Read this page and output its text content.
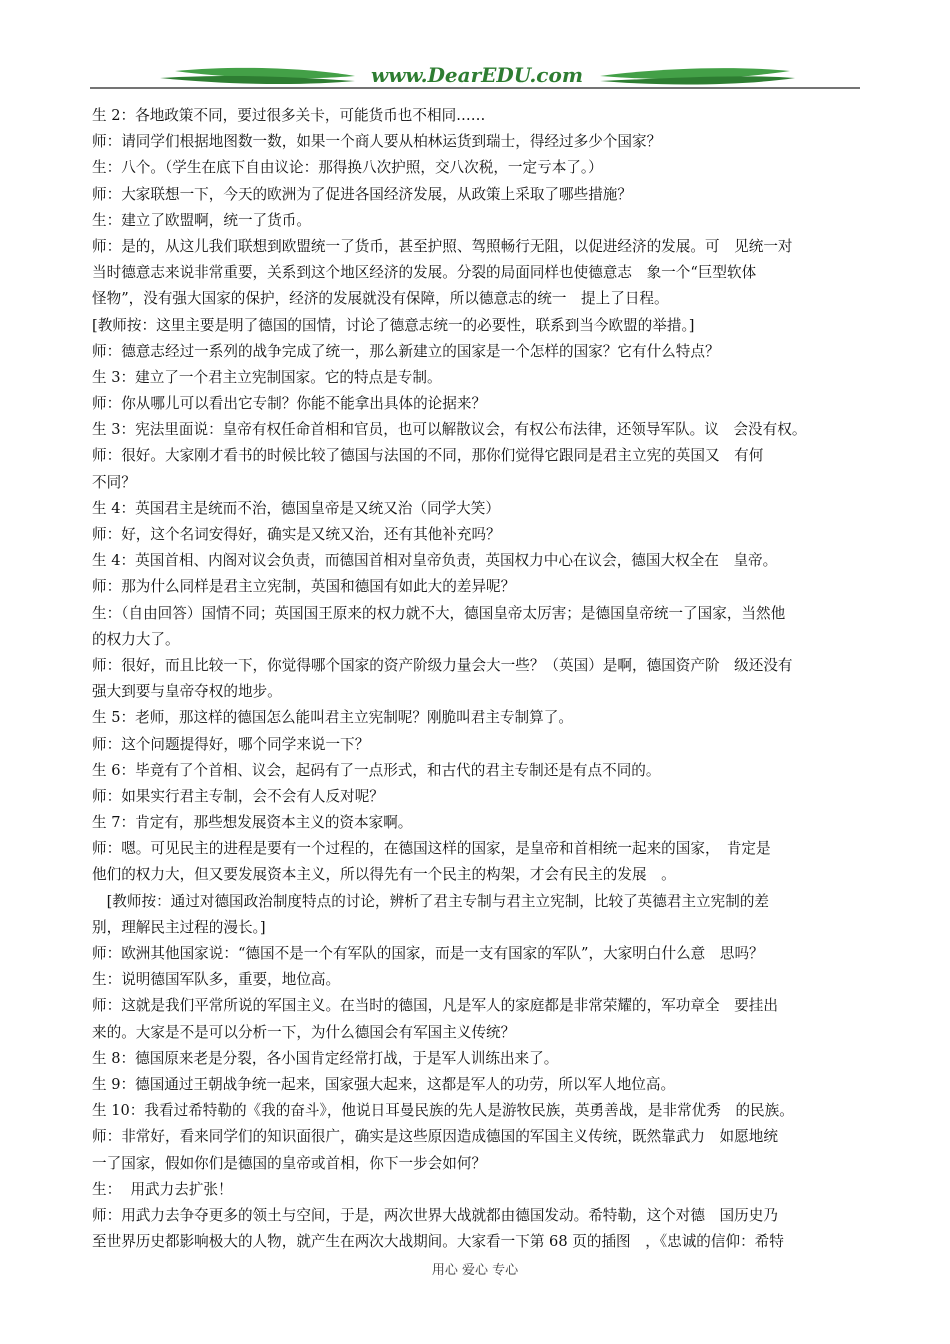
www.DearEDU.com
生 2：各地政策不同，要过很多关卡，可能货币也不相同……
师：请同学们根据地图数一数，如果一个商人要从柏林运货到瑞士，得经过多少个国家？
生：八个。（学生在底下自由议论：那得换八次护照，交八次税，一定亏本了。）
师：大家联想一下，今天的欧洲为了促进各国经济发展，从政策上采取了哪些措施？
生：建立了欧盟啊，统一了货币。
师：是的，从这儿我们联想到欧盟统一了货币，甚至护照、驾照畅行无阻，以促进经济的发展。可　见统一对
当时德意志来说非常重要，关系到这个地区经济的发展。分裂的局面同样也使德意志　象一个“巨型软体
怪物”，没有强大国家的保护，经济的发展就没有保障，所以德意志的统一　提上了日程。
[教师按：这里主要是明了德国的国情，讨论了德意志统一的必要性，联系到当今欧盟的举措。]
师：德意志经过一系列的战争完成了统一，那么新建立的国家是一个怎样的国家？它有什么特点？
生 3：建立了一个君主立宪制国家。它的特点是专制。
师：你从哪儿可以看出它专制？你能不能拿出具体的论据来？
生 3：宪法里面说：皇帝有权任命首相和官员，也可以解散议会，有权公布法律，还领导军队。议　会没有权。
师：很好。大家刚才看书的时候比较了德国与法国的不同，那你们觉得它跟同是君主立宪的英国又　有何
不同？
生 4：英国君主是统而不治，德国皇帝是又统又治（同学大笑）
师：好，这个名词安得好，确实是又统又治，还有其他补充吗？
生 4：英国首相、内阁对议会负责，而德国首相对皇帝负责，英国权力中心在议会，德国大权全在　皇帝。
师：那为什么同样是君主立宪制，英国和德国有如此大的差异呢？
生：（自由回答）国情不同；英国国王原来的权力就不大，德国皇帝太厉害；是德国皇帝统一了国家，当然他
的权力大了。
师：很好，而且比较一下，你觉得哪个国家的资产阶级力量会大一些？（英国）是啊，德国资产阶　级还没有
强大到要与皇帝夺权的地步。
生 5：老师，那这样的德国怎么能叫君主立宪制呢？刚脆叫君主专制算了。
师：这个问题提得好，哪个同学来说一下？
生 6：毕竟有了个首相、议会，起码有了一点形式，和古代的君主专制还是有点不同的。
师：如果实行君主专制，会不会有人反对呢？
生 7：肯定有，那些想发展资本主义的资本家啊。
师：嗯。可见民主的进程是要有一个过程的，在德国这样的国家，是皇帝和首相统一起来的国家，　肯定是
他们的权力大，但又要发展资本主义，所以得先有一个民主的构架，才会有民主的发展　。
　[教师按：通过对德国政治制度特点的讨论，辨析了君主专制与君主立宪制，比较了英德君主立宪制的差
别，理解民主过程的漫长。]
师：欧洲其他国家说：“德国不是一个有军队的国家，而是一支有国家的军队”，大家明白什么意　思吗？
生：说明德国军队多，重要，地位高。
师：这就是我们平常所说的军国主义。在当时的德国，凡是军人的家庭都是非常荣耀的，军功章全　要挂出
来的。大家是不是可以分析一下，为什么德国会有军国主义传统？
生 8：德国原来老是分裂，各小国肯定经常打战，于是军人训练出来了。
生 9：德国通过王朝战争统一起来，国家强大起来，这都是军人的功劳，所以军人地位高。
生 10：我看过希特勒的《我的奋斗》，他说日耳曼民族的先人是游牧民族，英勇善战，是非常优秀　的民族。
师：非常好，看来同学们的知识面很广，确实是这些原因造成德国的军国主义传统，既然靠武力　如愿地统
一了国家，假如你们是德国的皇帝或首相，你下一步会如何？
生：  用武力去扩张！
师：用武力去争夺更多的领土与空间，于是，两次世界大战就都由德国发动。希特勒，这个对德　国历史乃
至世界历史都影响极大的人物，就产生在两次大战期间。大家看一下第 68 页的插图　，《忠诚的信仰：希特
用心 爱心 专心
